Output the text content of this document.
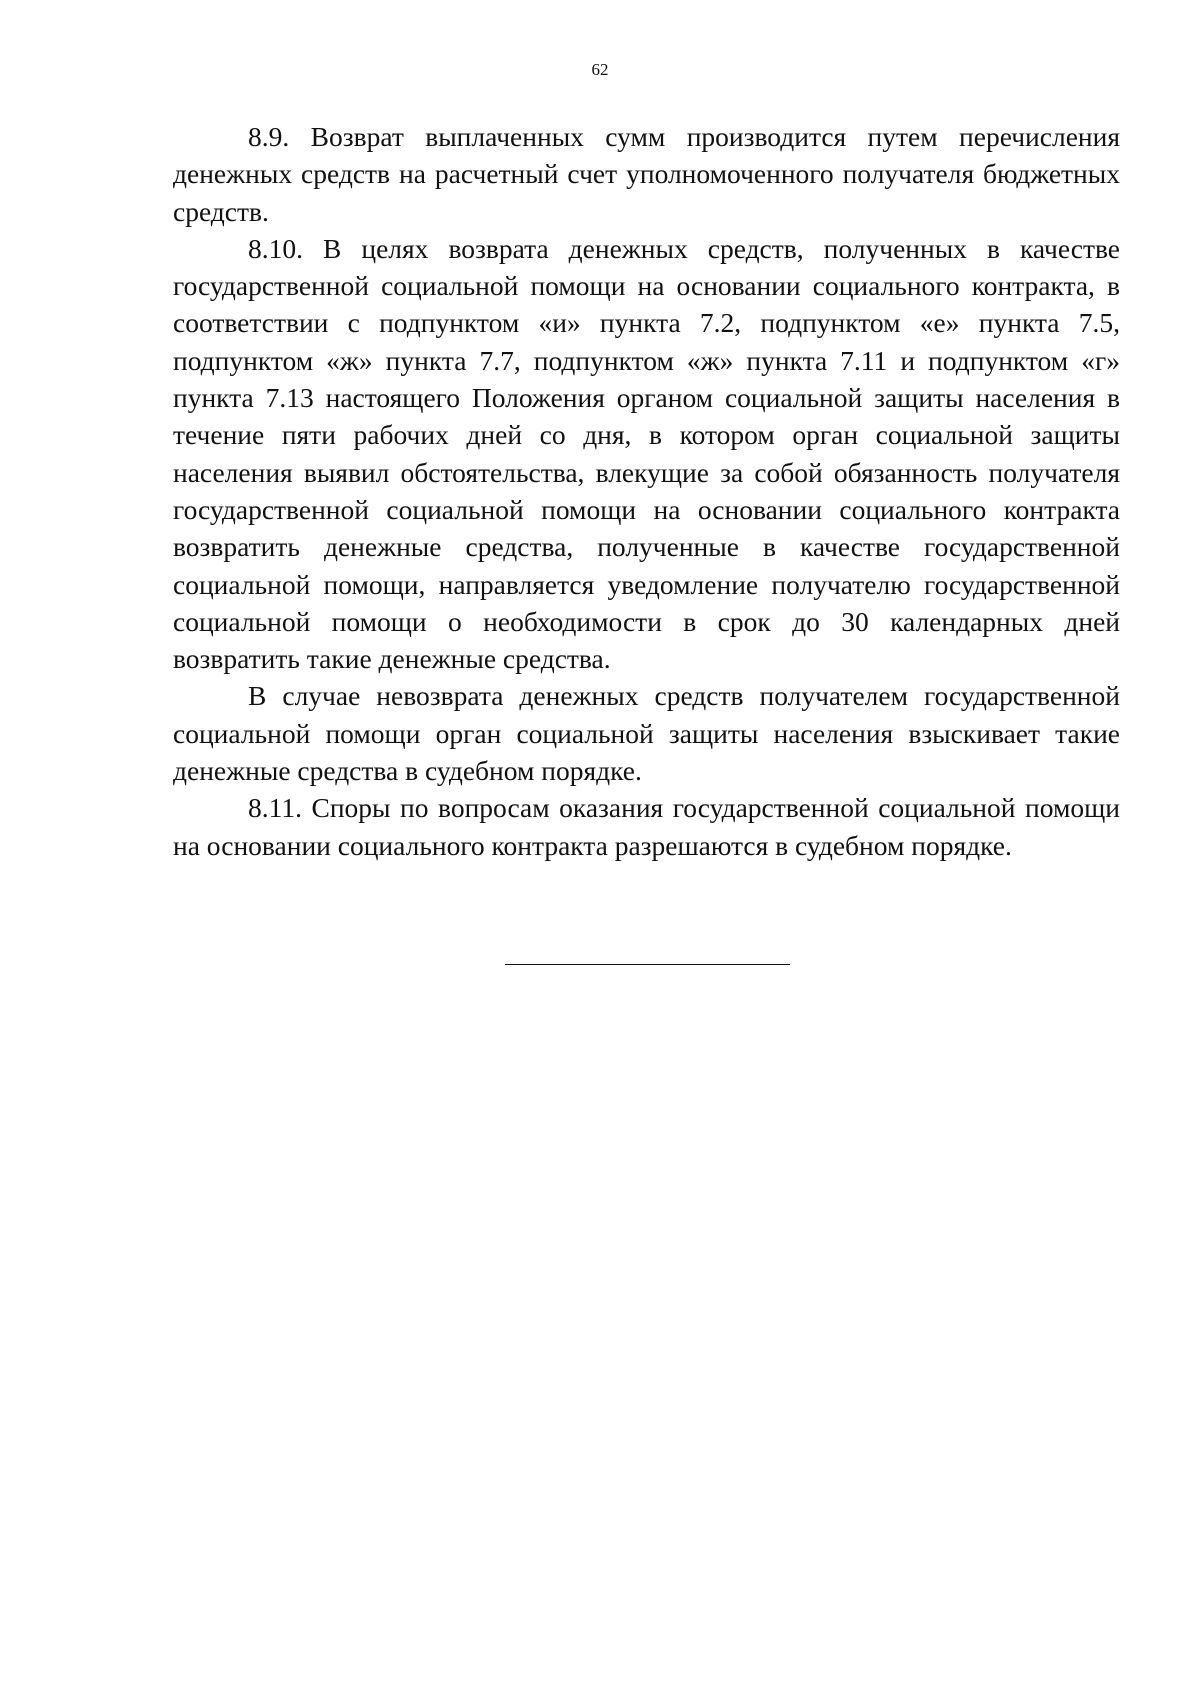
62

8.9. Возврат выплаченных сумм производится путем перечисления денежных средств на расчетный счет уполномоченного получателя бюджетных средств.

8.10. В целях возврата денежных средств, полученных в качестве государственной социальной помощи на основании социального контракта, в соответствии с подпунктом «и» пункта 7.2, подпунктом «е» пункта 7.5, подпунктом «ж» пункта 7.7, подпунктом «ж» пункта 7.11 и подпунктом «г» пункта 7.13 настоящего Положения органом социальной защиты населения в течение пяти рабочих дней со дня, в котором орган социальной защиты населения выявил обстоятельства, влекущие за собой обязанность получателя государственной социальной помощи на основании социального контракта возвратить денежные средства, полученные в качестве государственной социальной помощи, направляется уведомление получателю государственной социальной помощи о необходимости в срок до 30 календарных дней возвратить такие денежные средства.

В случае невозврата денежных средств получателем государственной социальной помощи орган социальной защиты населения взыскивает такие денежные средства в судебном порядке.

8.11. Споры по вопросам оказания государственной социальной помощи на основании социального контракта разрешаются в судебном порядке.
